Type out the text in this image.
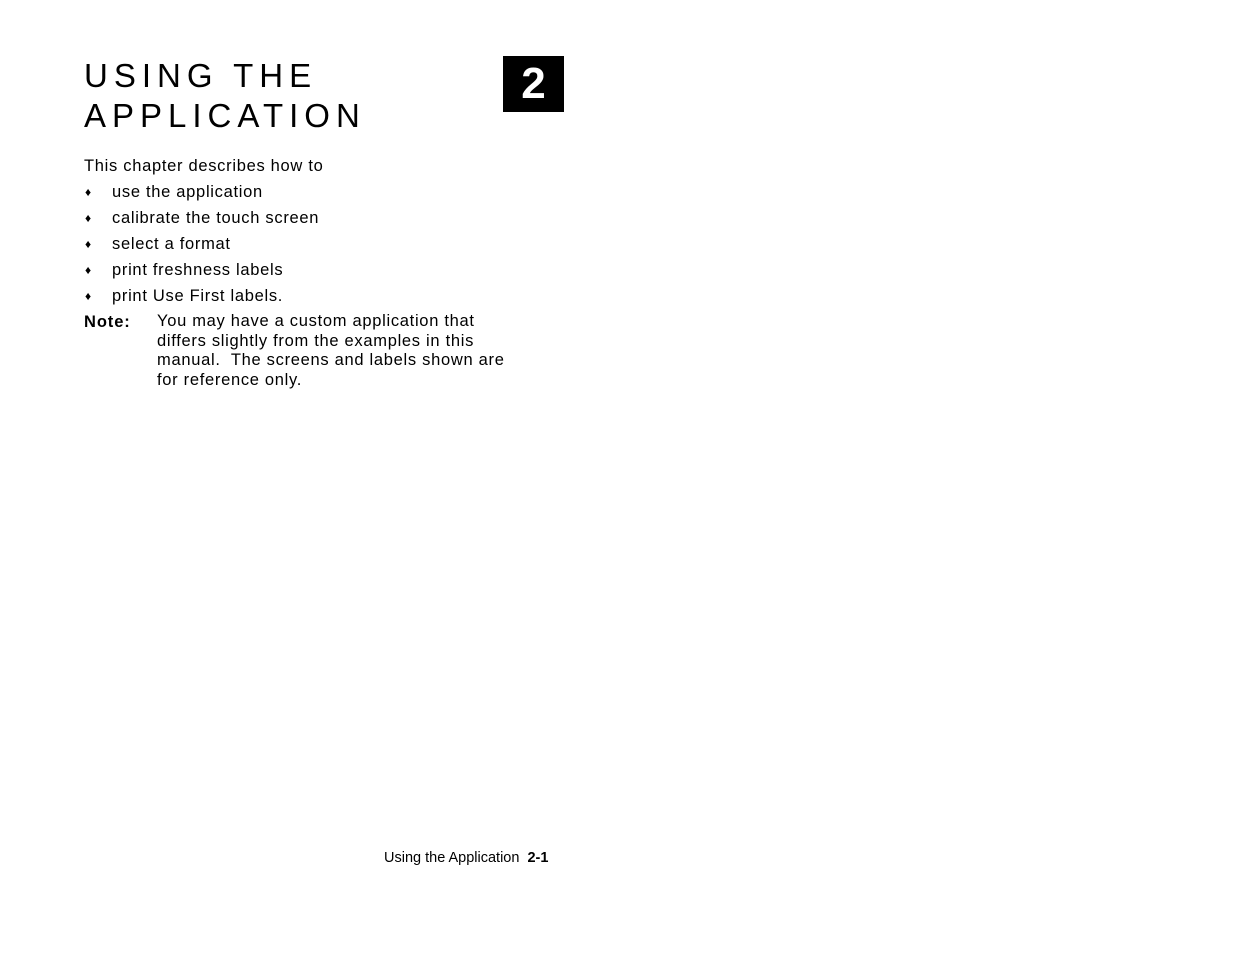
USING THE
APPLICATION
2
This chapter describes how to
♦ use the application
♦ calibrate the touch screen
♦ select a format
♦ print freshness labels
♦ print Use First labels.
Note: You may have a custom application that
differs slightly from the examples in this
manual.  The screens and labels shown are
for reference only.
Using the Application 2-1
